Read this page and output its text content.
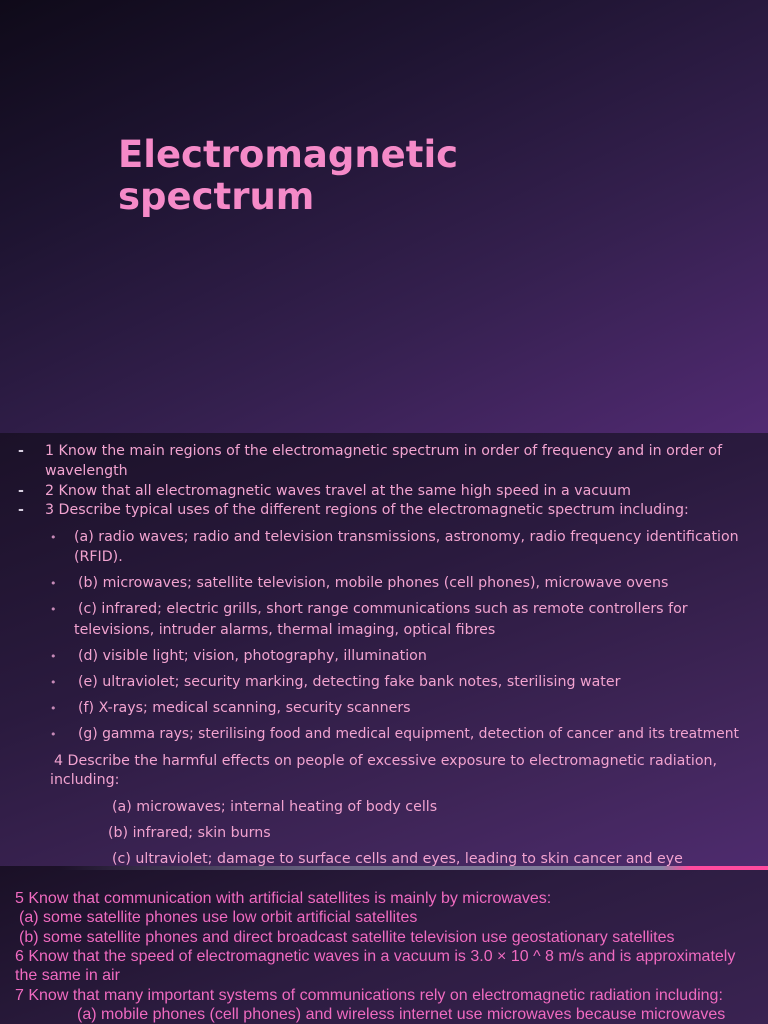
Electromagnetic
spectrum
- 1 Know the main regions of the electromagnetic spectrum in order of frequency and in order of
wavelength
- 2 Know that all electromagnetic waves travel at the same high speed in a vacuum
- 3 Describe typical uses of the different regions of the electromagnetic spectrum including:
• (a) radio waves; radio and television transmissions, astronomy, radio frequency identification
(RFID).
• (b) microwaves; satellite television, mobile phones (cell phones), microwave ovens
• (c) infrared; electric grills, short range communications such as remote controllers for
televisions, intruder alarms, thermal imaging, optical fibres
• (d) visible light; vision, photography, illumination
• (e) ultraviolet; security marking, detecting fake bank notes, sterilising water
• (f) X-rays; medical scanning, security scanners
• (g) gamma rays; sterilising food and medical equipment, detection of cancer and its treatment
4 Describe the harmful effects on people of excessive exposure to electromagnetic radiation,
including:
(a) microwaves; internal heating of body cells
(b) infrared; skin burns
(c) ultraviolet; damage to surface cells and eyes, leading to skin cancer and eye
5 Know that communication with artificial satellites is mainly by microwaves:
(a) some satellite phones use low orbit artificial satellites
(b) some satellite phones and direct broadcast satellite television use geostationary satellites
6 Know that the speed of electromagnetic waves in a vacuum is 3.0 × 10 ^ 8 m/s and is approximately
the same in air
7 Know that many important systems of communications rely on electromagnetic radiation including:
(a) mobile phones (cell phones) and wireless internet use microwaves because microwaves
